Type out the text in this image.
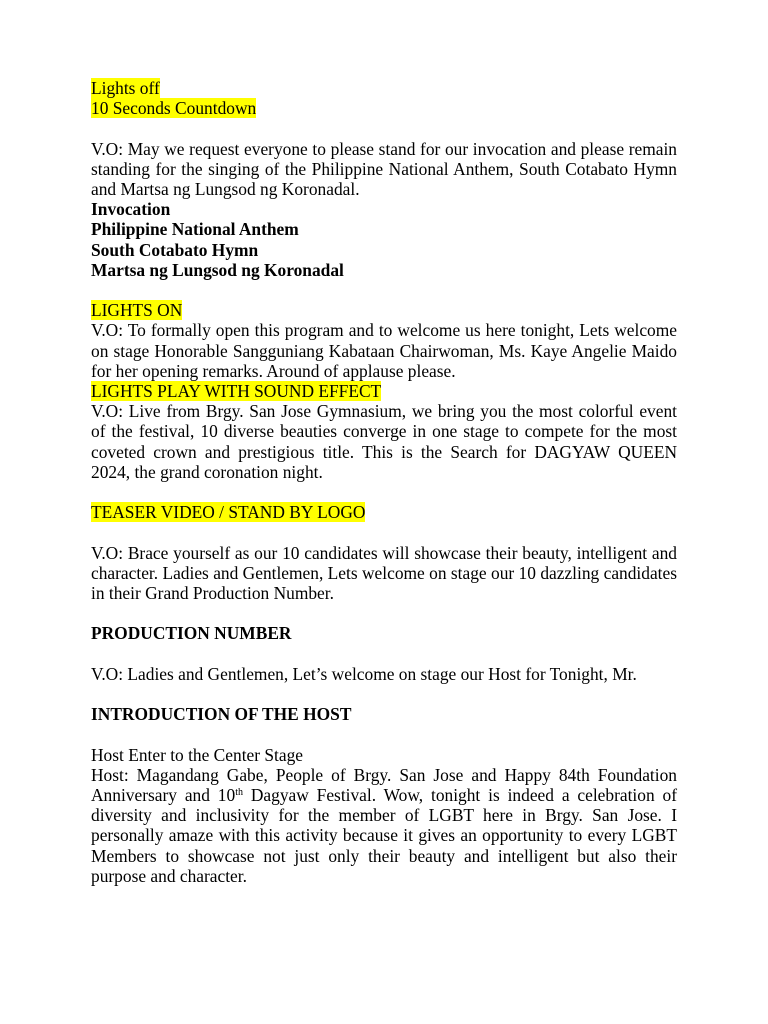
Lights off

10 Seconds Countdown

V.O: May we request everyone to please stand for our invocation and please remain standing for the singing of the Philippine National Anthem, South Cotabato Hymn and Martsa ng Lungsod ng Koronadal.

Invocation

Philippine National Anthem

South Cotabato Hymn

Martsa ng Lungsod ng Koronadal

LIGHTS ON

V.O: To formally open this program and to welcome us here tonight, Lets welcome on stage Honorable Sangguniang Kabataan Chairwoman, Ms. Kaye Angelie Maido for her opening remarks. Around of applause please.

LIGHTS PLAY WITH SOUND EFFECT

V.O: Live from Brgy. San Jose Gymnasium, we bring you the most colorful event of the festival, 10 diverse beauties converge in one stage to compete for the most coveted crown and prestigious title. This is the Search for DAGYAW QUEEN 2024, the grand coronation night.

TEASER VIDEO / STAND BY LOGO

V.O: Brace yourself as our 10 candidates will showcase their beauty, intelligent and character. Ladies and Gentlemen, Lets welcome on stage our 10 dazzling candidates in their Grand Production Number.

PRODUCTION NUMBER

V.O: Ladies and Gentlemen, Let’s welcome on stage our Host for Tonight, Mr.

INTRODUCTION OF THE HOST

Host Enter to the Center Stage

Host: Magandang Gabe, People of Brgy. San Jose and Happy 84th Foundation Anniversary and 10th Dagyaw Festival. Wow, tonight is indeed a celebration of diversity and inclusivity for the member of LGBT here in Brgy. San Jose. I personally amaze with this activity because it gives an opportunity to every LGBT Members to showcase not just only their beauty and intelligent but also their purpose and character.
